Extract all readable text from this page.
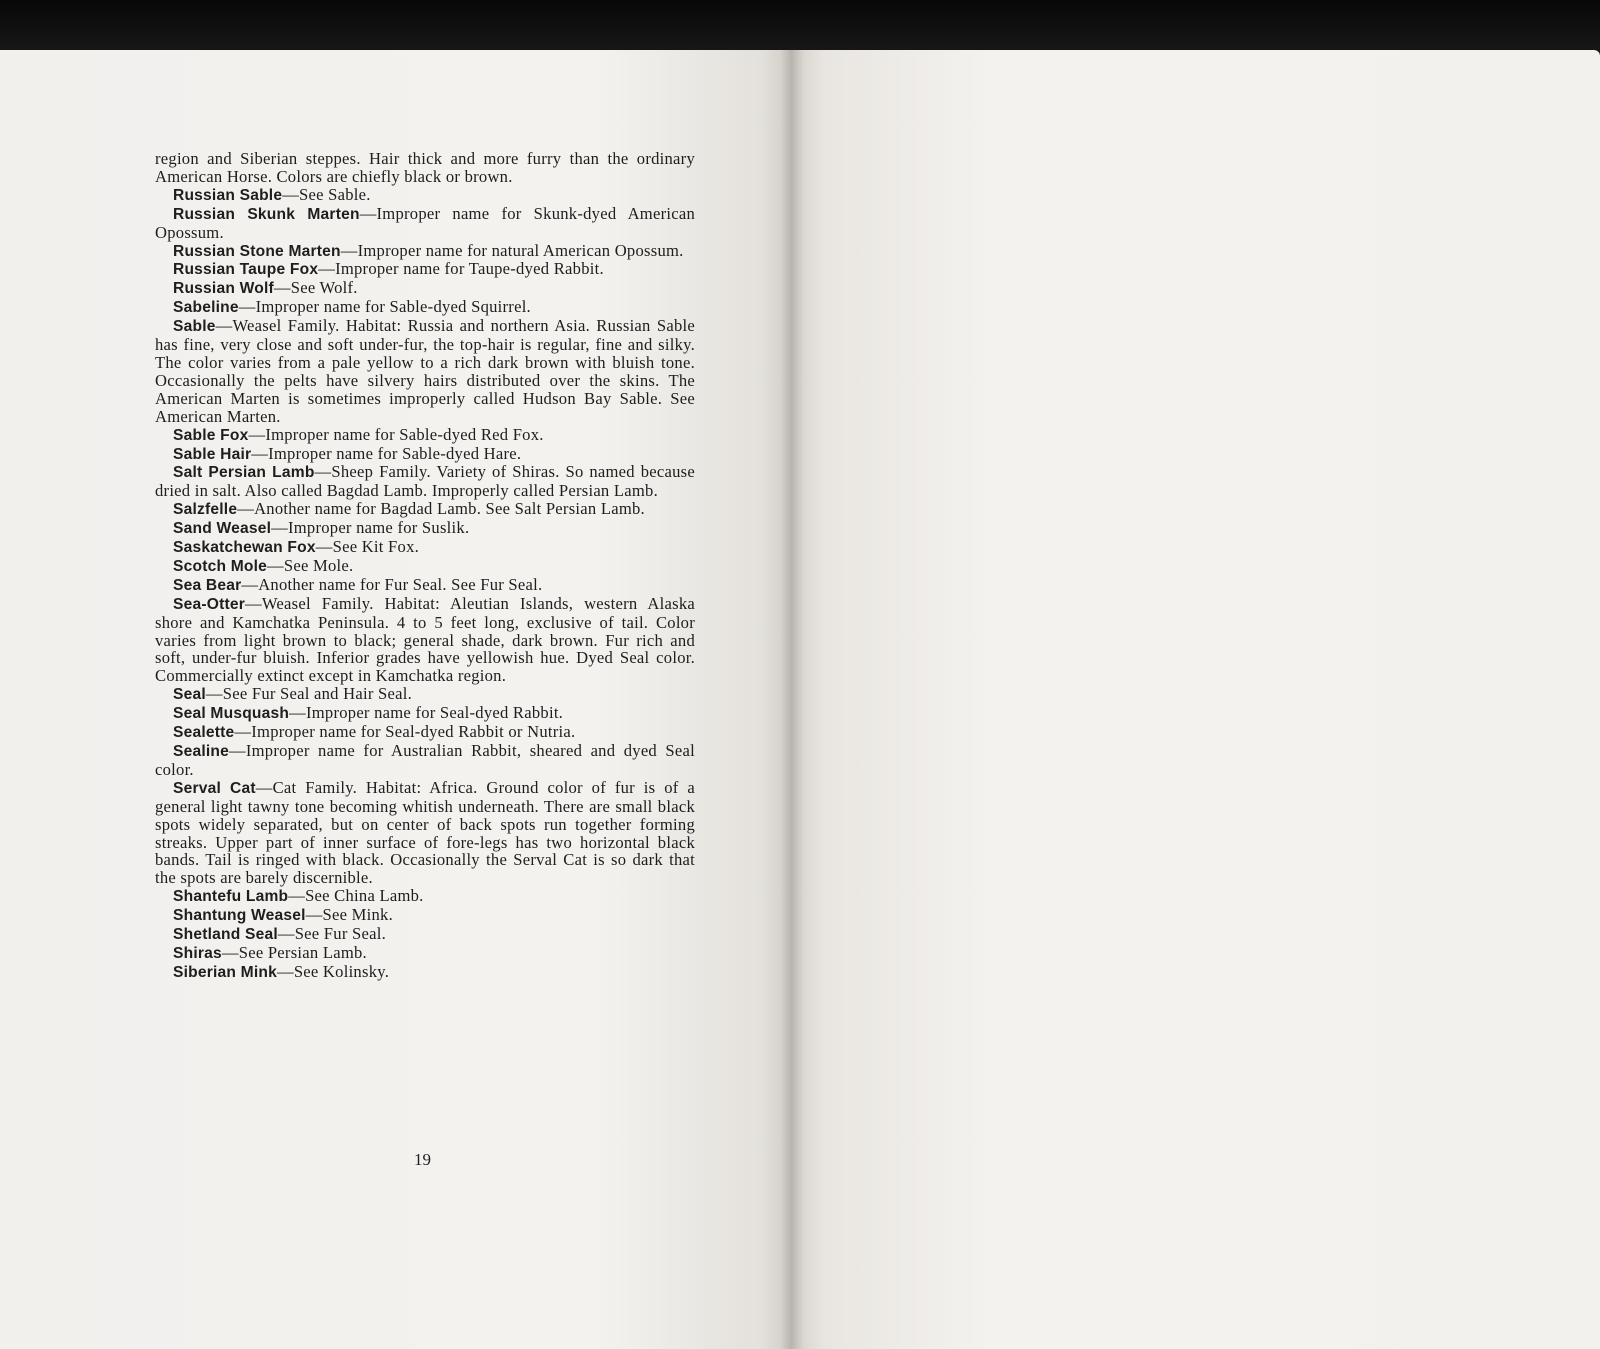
region and Siberian steppes. Hair thick and more furry than the ordinary American Horse. Colors are chiefly black or brown.

Russian Sable—See Sable.

Russian Skunk Marten—Improper name for Skunk-dyed American Opossum.

Russian Stone Marten—Improper name for natural American Opossum.

Russian Taupe Fox—Improper name for Taupe-dyed Rabbit.

Russian Wolf—See Wolf.

Sabeline—Improper name for Sable-dyed Squirrel.

Sable—Weasel Family. Habitat: Russia and northern Asia. Russian Sable has fine, very close and soft under-fur, the top-hair is regular, fine and silky. The color varies from a pale yellow to a rich dark brown with bluish tone. Occasionally the pelts have silvery hairs distributed over the skins. The American Marten is sometimes improperly called Hudson Bay Sable. See American Marten.

Sable Fox—Improper name for Sable-dyed Red Fox.

Sable Hair—Improper name for Sable-dyed Hare.

Salt Persian Lamb—Sheep Family. Variety of Shiras. So named because dried in salt. Also called Bagdad Lamb. Improperly called Persian Lamb.

Salzfelle—Another name for Bagdad Lamb. See Salt Persian Lamb.

Sand Weasel—Improper name for Suslik.

Saskatchewan Fox—See Kit Fox.

Scotch Mole—See Mole.

Sea Bear—Another name for Fur Seal. See Fur Seal.

Sea-Otter—Weasel Family. Habitat: Aleutian Islands, western Alaska shore and Kamchatka Peninsula. 4 to 5 feet long, exclusive of tail. Color varies from light brown to black; general shade, dark brown. Fur rich and soft, under-fur bluish. Inferior grades have yellowish hue. Dyed Seal color. Commercially extinct except in Kamchatka region.

Seal—See Fur Seal and Hair Seal.

Seal Musquash—Improper name for Seal-dyed Rabbit.

Sealette—Improper name for Seal-dyed Rabbit or Nutria.

Sealine—Improper name for Australian Rabbit, sheared and dyed Seal color.

Serval Cat—Cat Family. Habitat: Africa. Ground color of fur is of a general light tawny tone becoming whitish underneath. There are small black spots widely separated, but on center of back spots run together forming streaks. Upper part of inner surface of fore-legs has two horizontal black bands. Tail is ringed with black. Occasionally the Serval Cat is so dark that the spots are barely discernible.

Shantefu Lamb—See China Lamb.

Shantung Weasel—See Mink.

Shetland Seal—See Fur Seal.

Shiras—See Persian Lamb.

Siberian Mink—See Kolinsky.

19
